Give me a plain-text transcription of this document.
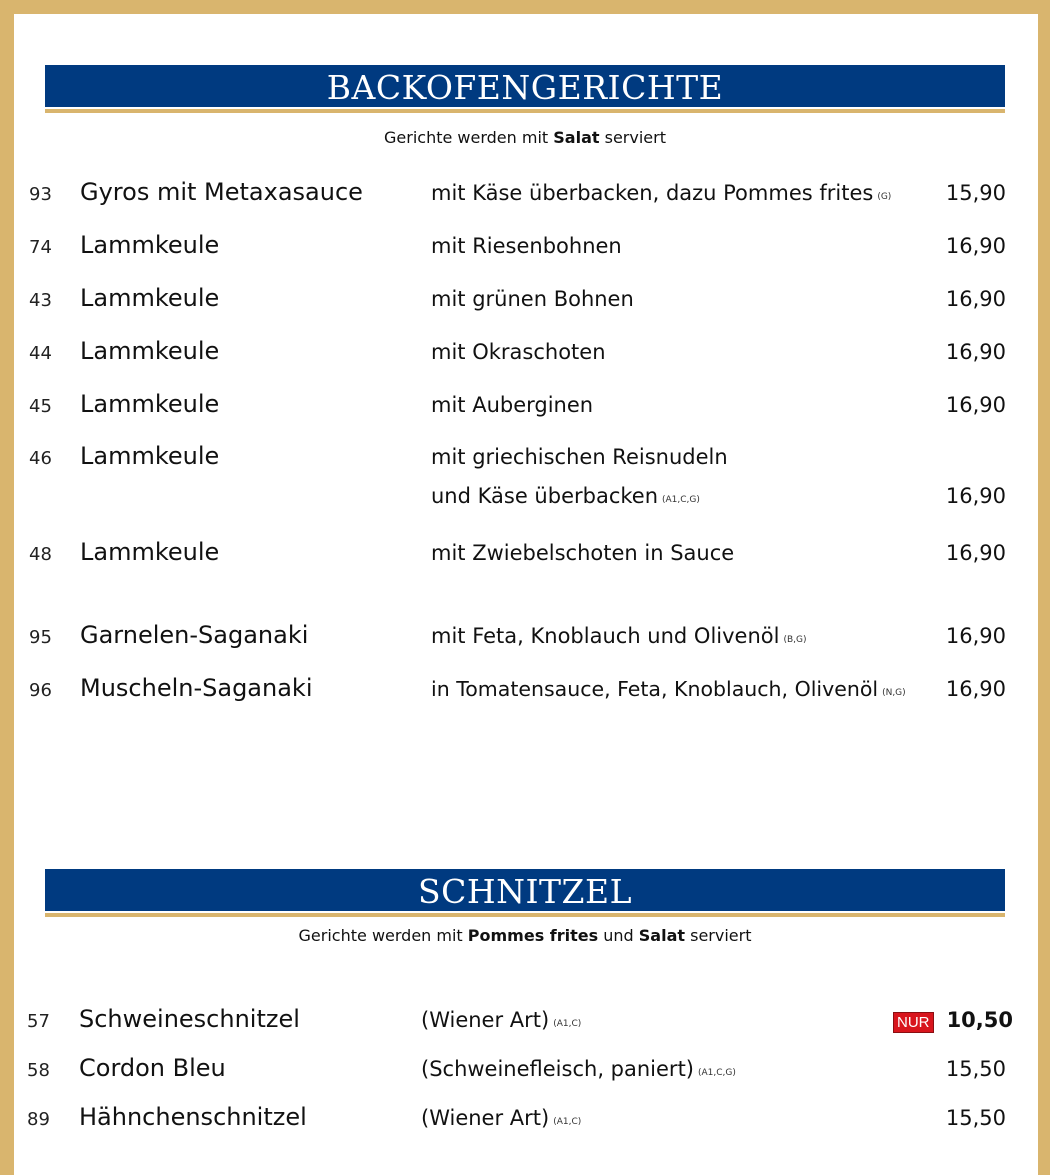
BACKOFENGERICHTE
Gerichte werden mit Salat serviert
93 Gyros mit Metaxasauce	mit Käse überbacken, dazu Pommes frites (G)	15,90
74 Lammkeule	mit Riesenbohnen	16,90
43 Lammkeule	mit grünen Bohnen	16,90
44 Lammkeule	mit Okraschoten	16,90
45 Lammkeule	mit Auberginen	16,90
46 Lammkeule	mit griechischen Reisnudeln
und Käse überbacken (A1,C,G)	16,90
48 Lammkeule	mit Zwiebelschoten in Sauce	16,90
95 Garnelen-Saganaki	mit Feta, Knoblauch und Olivenöl (B,G)	16,90
96 Muscheln-Saganaki	in Tomatensauce, Feta, Knoblauch, Olivenöl (N,G) 16,90
SCHNITZEL
Gerichte werden mit Pommes frites und Salat serviert
57 Schweineschnitzel	(Wiener Art) (A1,C)	NUR 10,50
58 Cordon Bleu	(Schweinefleisch, paniert) (A1,C,G)	15,50
89 Hähnchenschnitzel	(Wiener Art) (A1,C)	15,50
